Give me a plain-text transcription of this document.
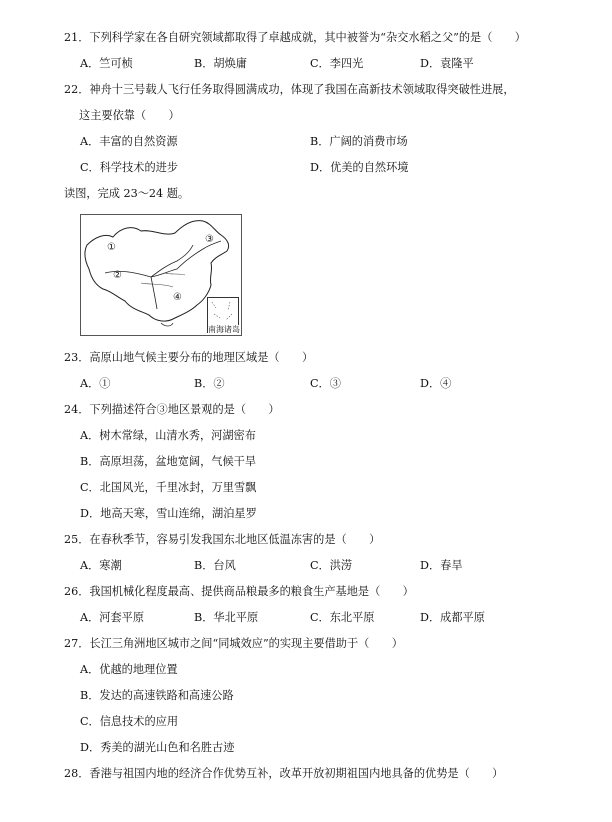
21．下列科学家在各自研究领域都取得了卓越成就，其中被誉为“杂交水稻之父”的是（　　）
A．竺可桢	B．胡焕庸	C．李四光	D．袁隆平
22．神舟十三号载人飞行任务取得圆满成功，体现了我国在高新技术领域取得突破性进展，
这主要依靠（　　）
A．丰富的自然资源	B．广阔的消费市场
C．科学技术的进步	D．优美的自然环境
读图，完成 23～24 题。
①
②
③
④
南海诸岛
23．高原山地气候主要分布的地理区域是（　　）
A．①	B．②	C．③	D．④
24．下列描述符合③地区景观的是（　　）
A．树木常绿，山清水秀，河湖密布
B．高原坦荡，盆地宽阔，气候干旱
C．北国风光，千里冰封，万里雪飘
D．地高天寒，雪山连绵，湖泊星罗
25．在春秋季节，容易引发我国东北地区低温冻害的是（　　）
A．寒潮	B．台风	C．洪涝	D．春旱
26．我国机械化程度最高、提供商品粮最多的粮食生产基地是（　　）
A．河套平原	B．华北平原	C．东北平原	D．成都平原
27．长江三角洲地区城市之间“同城效应”的实现主要借助于（　　）
A．优越的地理位置
B．发达的高速铁路和高速公路
C．信息技术的应用
D．秀美的湖光山色和名胜古迹
28．香港与祖国内地的经济合作优势互补，改革开放初期祖国内地具备的优势是（　　）
